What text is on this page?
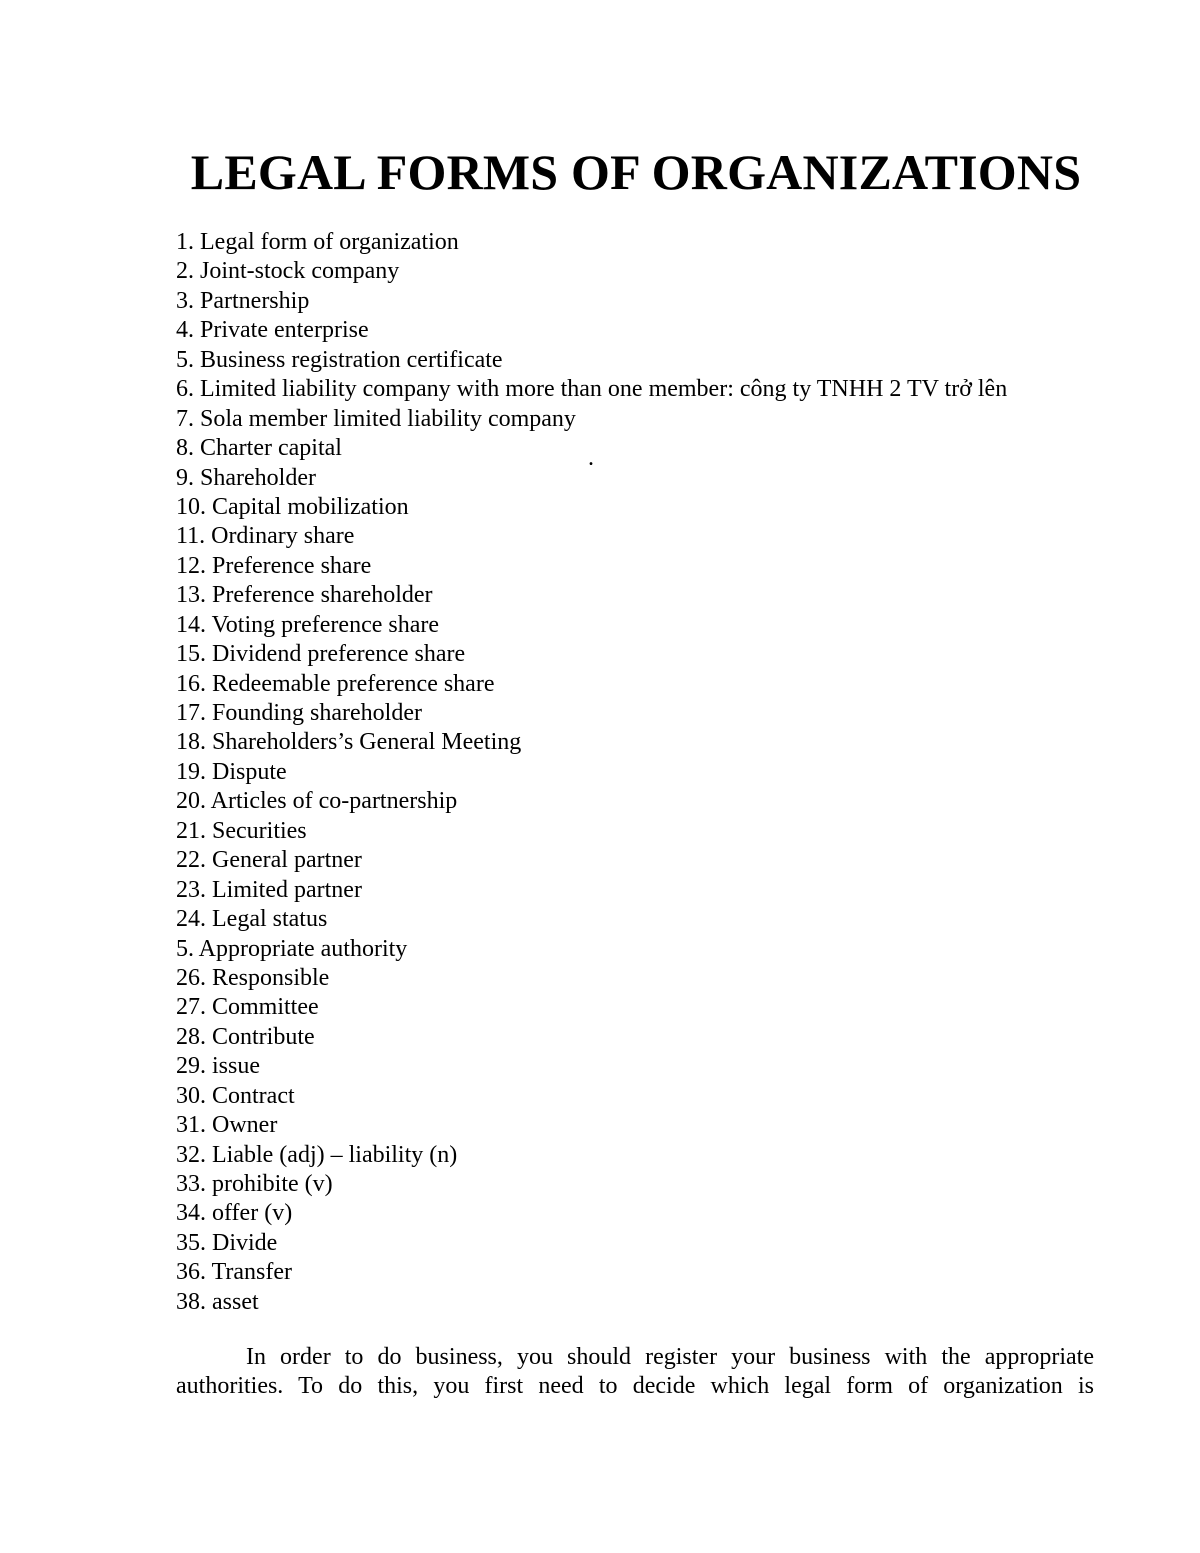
LEGAL FORMS OF ORGANIZATIONS
1. Legal form of organization
2. Joint-stock company
3. Partnership
4. Private enterprise
5. Business registration certificate
6. Limited liability company with more than one member: công ty TNHH 2 TV trở lên
7. Sola member limited liability company
8. Charter capital
9. Shareholder
10. Capital mobilization
11. Ordinary share
12. Preference share
13. Preference shareholder
14. Voting preference share
15. Dividend preference share
16. Redeemable preference share
17. Founding shareholder
18. Shareholders’s General Meeting
19. Dispute
20. Articles of co-partnership
21. Securities
22. General partner
23. Limited partner
24. Legal status
5. Appropriate authority
26. Responsible
27. Committee
28. Contribute
29. issue
30. Contract
31. Owner
32. Liable (adj) – liability (n)
33. prohibite (v)
34. offer (v)
35. Divide
36. Transfer
38. asset
.

In order to do business, you should register your business with the appropriate authorities. To do this, you first need to decide which legal form of organization is
